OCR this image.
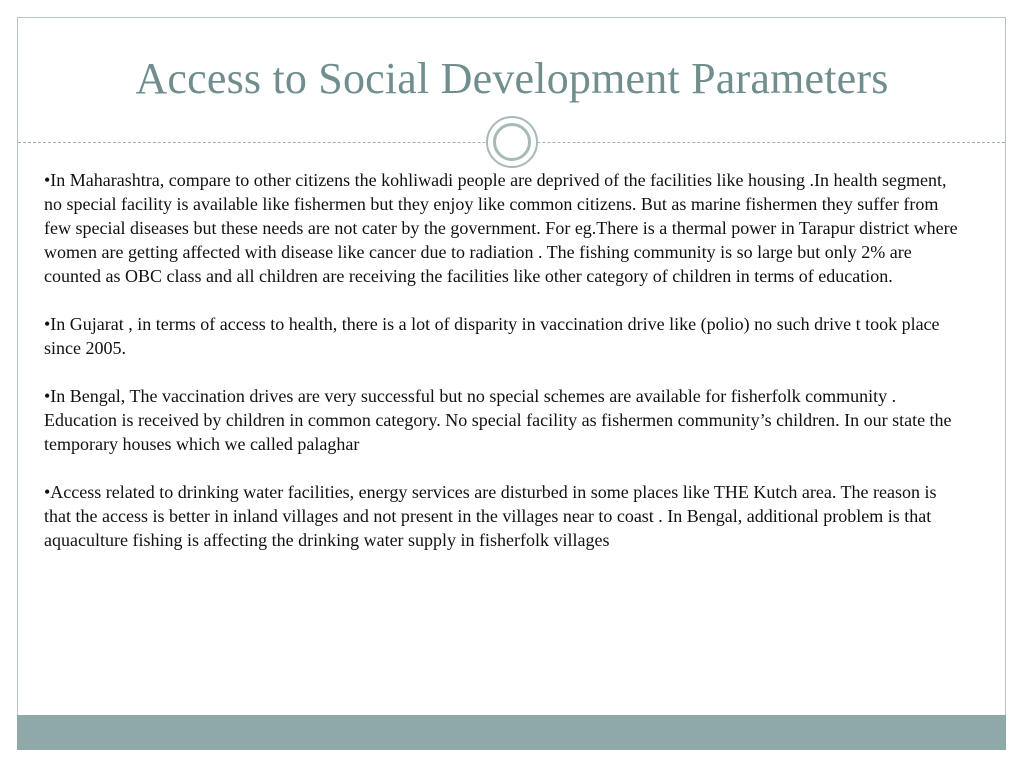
Access to Social Development Parameters

•In Maharashtra, compare to other citizens the kohliwadi people are deprived of the facilities like housing .In health segment, no special facility is available like fishermen but they enjoy like common citizens. But as marine fishermen they suffer from few special diseases but these needs are not cater by the government. For eg.There is a thermal power in Tarapur district where women are getting affected with disease like cancer due to radiation . The fishing community is so large but only 2% are counted as OBC class and all children are receiving the facilities like other category of children in terms of education.

•In Gujarat , in terms of access to health, there is a lot of disparity in vaccination drive like (polio) no such drive t took place since 2005.

•In Bengal, The vaccination drives are very successful but no special schemes are available for fisherfolk community . Education is received by children in common category. No special facility as fishermen community’s children. In our state the temporary houses which we called palaghar

•Access related to drinking water facilities, energy services are disturbed in some places like THE Kutch area. The reason is that the access is better in inland villages and not present in the villages near to coast . In Bengal, additional problem is that aquaculture fishing is affecting the drinking water supply in fisherfolk villages
